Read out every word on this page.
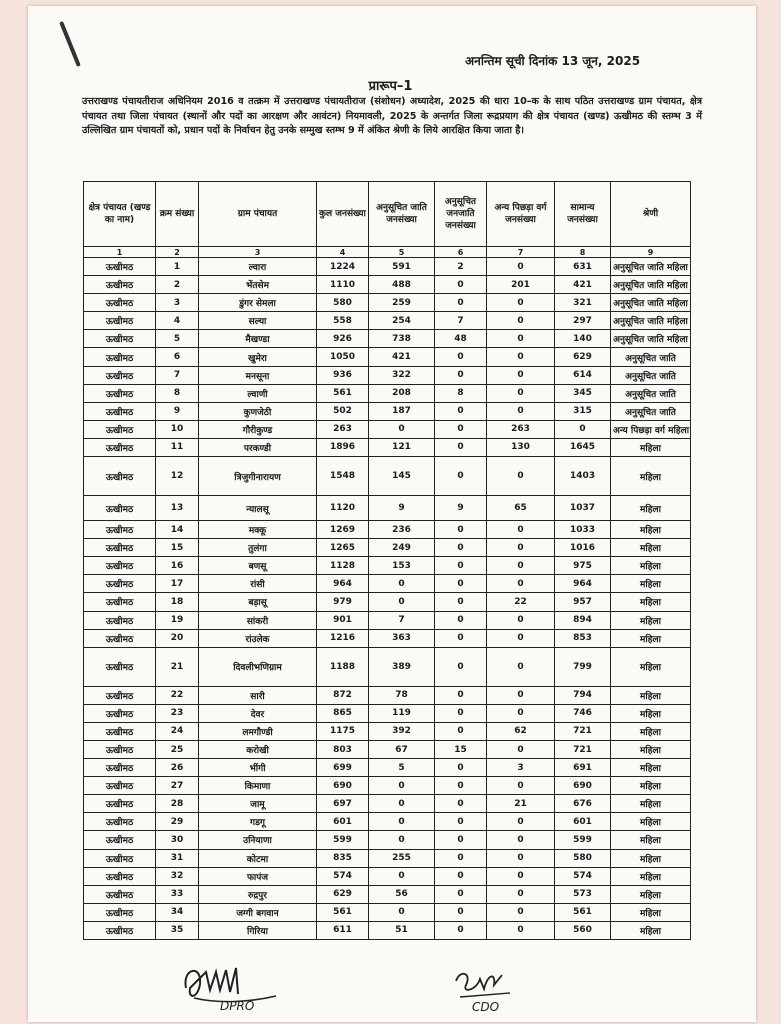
अनन्तिम सूची दिनांक 13 जून, 2025
प्रारूप–1
उत्तराखण्ड पंचायतीराज अधिनियम 2016 व तत्क्रम में उत्तराखण्ड पंचायतीराज (संशोधन) अध्यादेश, 2025 की धारा 10–क के साथ पठित उत्तराखण्ड ग्राम पंचायत, क्षेत्र पंचायत तथा जिला पंचायत (स्थानों और पदों का आरक्षण और आवंटन) नियमावली, 2025 के अन्तर्गत जिला रूद्रप्रयाग की क्षेत्र पंचायत (खण्ड) ऊखीमठ की स्तम्भ 3 में उल्लिखित ग्राम पंचायतों को, प्रधान पदों के निर्वाचन हेतु उनके सम्मुख स्तम्भ 9 में अंकित श्रेणी के लिये आरक्षित किया जाता है।
क्षेत्र पंचायत (खण्ड का नाम)	क्रम संख्या	ग्राम पंचायत	कुल जनसंख्या	अनुसूचित जाति जनसंख्या	अनुसूचित जनजाति जनसंख्या	अन्य पिछड़ा वर्ग जनसंख्या	सामान्य जनसंख्या	श्रेणी
1	2	3	4	5	6	7	8	9
ऊखीमठ	1	ल्वारा	1224	591	2	0	631	अनुसूचित जाति महिला
ऊखीमठ	2	भेंतसेम	1110	488	0	201	421	अनुसूचित जाति महिला
ऊखीमठ	3	डुंगर सेमला	580	259	0	0	321	अनुसूचित जाति महिला
ऊखीमठ	4	सल्या	558	254	7	0	297	अनुसूचित जाति महिला
ऊखीमठ	5	मैखण्डा	926	738	48	0	140	अनुसूचित जाति महिला
ऊखीमठ	6	खुमेरा	1050	421	0	0	629	अनुसूचित जाति
ऊखीमठ	7	मनसूना	936	322	0	0	614	अनुसूचित जाति
ऊखीमठ	8	ल्वाणी	561	208	8	0	345	अनुसूचित जाति
ऊखीमठ	9	कुणजेठी	502	187	0	0	315	अनुसूचित जाति
ऊखीमठ	10	गौरीकुण्ड	263	0	0	263	0	अन्य पिछड़ा वर्ग महिला
ऊखीमठ	11	परकण्डी	1896	121	0	130	1645	महिला
ऊखीमठ	12	त्रिजुगीनारायण	1548	145	0	0	1403	महिला
ऊखीमठ	13	न्यालसू	1120	9	9	65	1037	महिला
ऊखीमठ	14	मक्कू	1269	236	0	0	1033	महिला
ऊखीमठ	15	तुलंगा	1265	249	0	0	1016	महिला
ऊखीमठ	16	बणसू	1128	153	0	0	975	महिला
ऊखीमठ	17	रांसी	964	0	0	0	964	महिला
ऊखीमठ	18	बड़ासू	979	0	0	22	957	महिला
ऊखीमठ	19	सांकरी	901	7	0	0	894	महिला
ऊखीमठ	20	रांउलेक	1216	363	0	0	853	महिला
ऊखीमठ	21	दिवलीभणिग्राम	1188	389	0	0	799	महिला
ऊखीमठ	22	सारी	872	78	0	0	794	महिला
ऊखीमठ	23	देवर	865	119	0	0	746	महिला
ऊखीमठ	24	लमगौण्डी	1175	392	0	62	721	महिला
ऊखीमठ	25	करोखी	803	67	15	0	721	महिला
ऊखीमठ	26	भींगी	699	5	0	3	691	महिला
ऊखीमठ	27	किमाणा	690	0	0	0	690	महिला
ऊखीमठ	28	जामू	697	0	0	21	676	महिला
ऊखीमठ	29	गडगू	601	0	0	0	601	महिला
ऊखीमठ	30	उनियाणा	599	0	0	0	599	महिला
ऊखीमठ	31	कोटमा	835	255	0	0	580	महिला
ऊखीमठ	32	फापंज	574	0	0	0	574	महिला
ऊखीमठ	33	रुद्रपुर	629	56	0	0	573	महिला
ऊखीमठ	34	जग्गी बगवान	561	0	0	0	561	महिला
ऊखीमठ	35	गिरिया	611	51	0	0	560	महिला
DPRO	CDO
